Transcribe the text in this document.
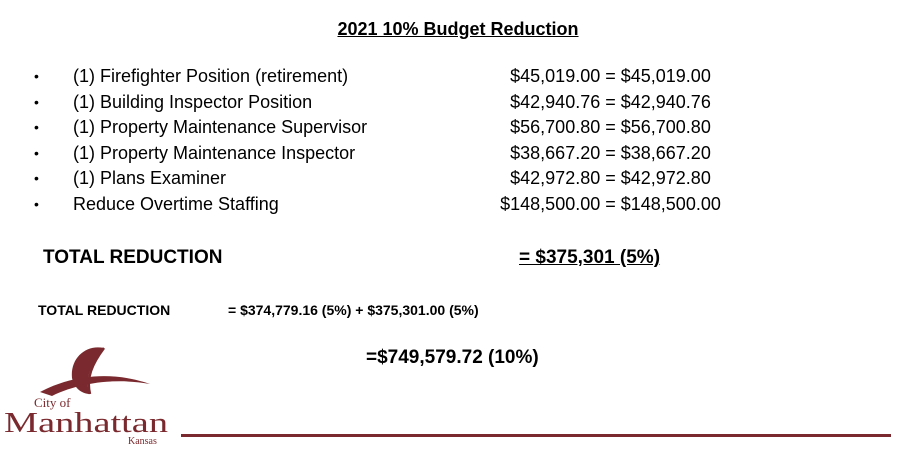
2021 10% Budget Reduction
• (1) Firefighter Position (retirement)	$45,019.00 = $45,019.00
• (1) Building Inspector Position	$42,940.76 = $42,940.76
• (1) Property Maintenance Supervisor	$56,700.80 = $56,700.80
• (1) Property Maintenance Inspector	$38,667.20 = $38,667.20
• (1) Plans Examiner	$42,972.80 = $42,972.80
• Reduce Overtime Staffing	$148,500.00 = $148,500.00
TOTAL REDUCTION	= $375,301 (5%)
TOTAL REDUCTION	= $374,779.16 (5%) + $375,301.00 (5%)
=$749,579.72 (10%)
City of
Manhattan
Kansas
